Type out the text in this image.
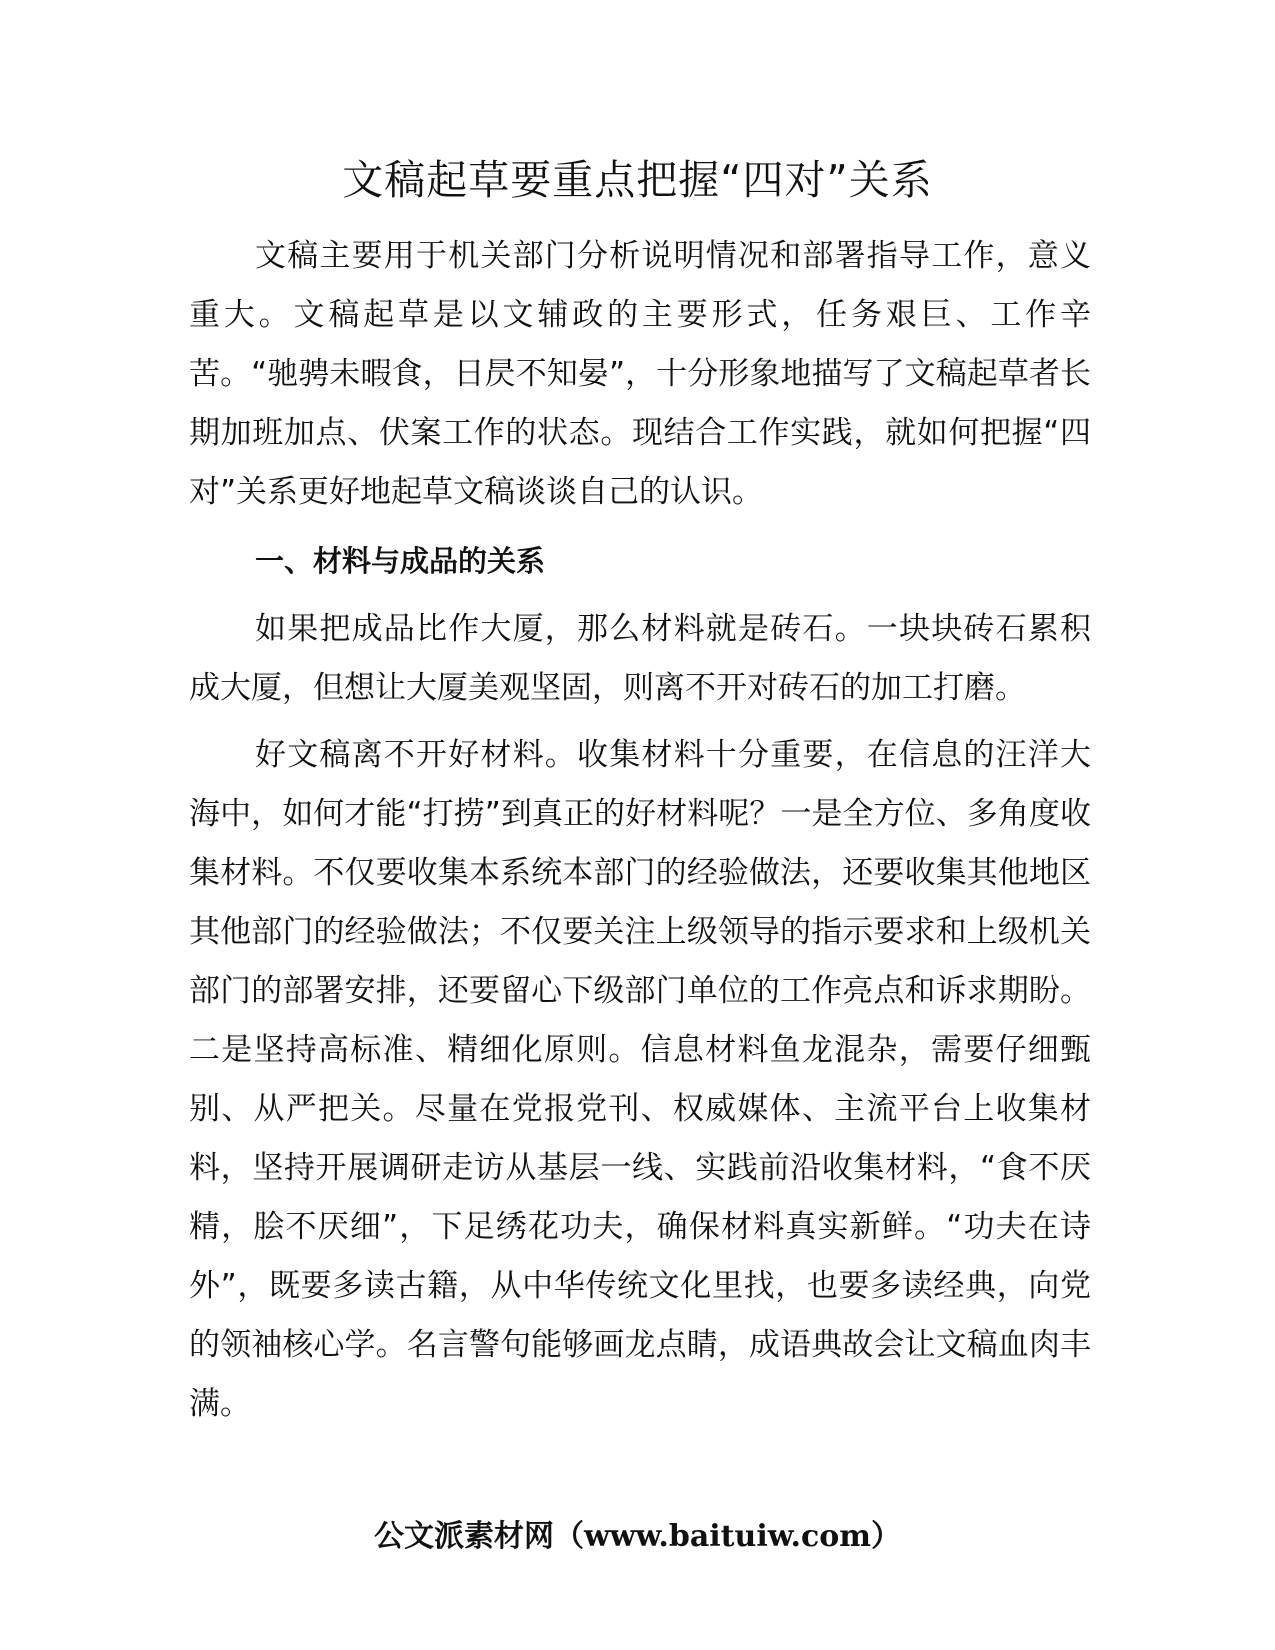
文稿起草要重点把握“四对”关系

文稿主要用于机关部门分析说明情况和部署指导工作，意义重大。文稿起草是以文辅政的主要形式，任务艰巨、工作辛苦。“驰骋未暇食，日昃不知晏”，十分形象地描写了文稿起草者长期加班加点、伏案工作的状态。现结合工作实践，就如何把握“四对”关系更好地起草文稿谈谈自己的认识。

一、材料与成品的关系

如果把成品比作大厦，那么材料就是砖石。一块块砖石累积成大厦，但想让大厦美观坚固，则离不开对砖石的加工打磨。

好文稿离不开好材料。收集材料十分重要，在信息的汪洋大海中，如何才能“打捞”到真正的好材料呢？一是全方位、多角度收集材料。不仅要收集本系统本部门的经验做法，还要收集其他地区其他部门的经验做法；不仅要关注上级领导的指示要求和上级机关部门的部署安排，还要留心下级部门单位的工作亮点和诉求期盼。二是坚持高标准、精细化原则。信息材料鱼龙混杂，需要仔细甄别、从严把关。尽量在党报党刊、权威媒体、主流平台上收集材料，坚持开展调研走访从基层一线、实践前沿收集材料，“食不厌精，脍不厌细”，下足绣花功夫，确保材料真实新鲜。“功夫在诗外”，既要多读古籍，从中华传统文化里找，也要多读经典，向党的领袖核心学。名言警句能够画龙点睛，成语典故会让文稿血肉丰满。

公文派素材网（www.baituiw.com）
